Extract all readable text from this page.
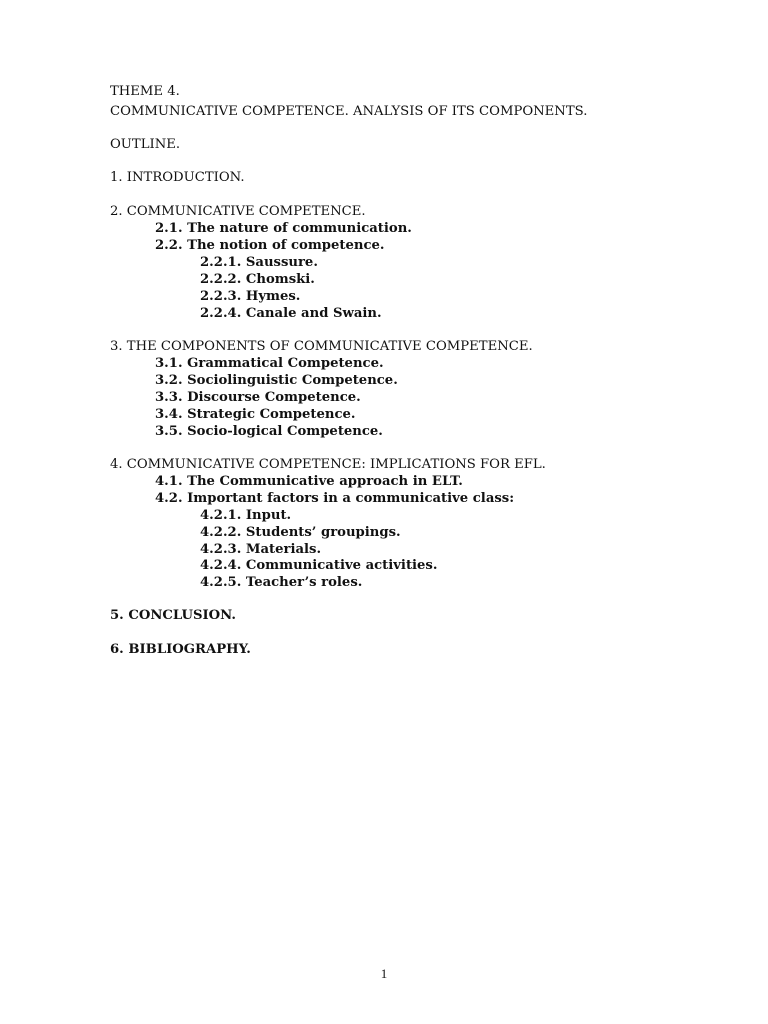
THEME 4.
COMMUNICATIVE COMPETENCE. ANALYSIS OF ITS COMPONENTS.
OUTLINE.
1. INTRODUCTION.
2. COMMUNICATIVE COMPETENCE.
2.1. The nature of communication.
2.2. The notion of competence.
2.2.1. Saussure.
2.2.2. Chomski.
2.2.3. Hymes.
2.2.4. Canale and Swain.
3. THE COMPONENTS OF COMMUNICATIVE COMPETENCE.
3.1. Grammatical Competence.
3.2. Sociolinguistic Competence.
3.3. Discourse Competence.
3.4. Strategic Competence.
3.5. Socio-logical Competence.
4. COMMUNICATIVE COMPETENCE: IMPLICATIONS FOR EFL.
4.1. The Communicative approach in ELT.
4.2. Important factors in a communicative class:
4.2.1. Input.
4.2.2. Students’ groupings.
4.2.3. Materials.
4.2.4. Communicative activities.
4.2.5. Teacher’s roles.
5. CONCLUSION.
6. BIBLIOGRAPHY.
1
